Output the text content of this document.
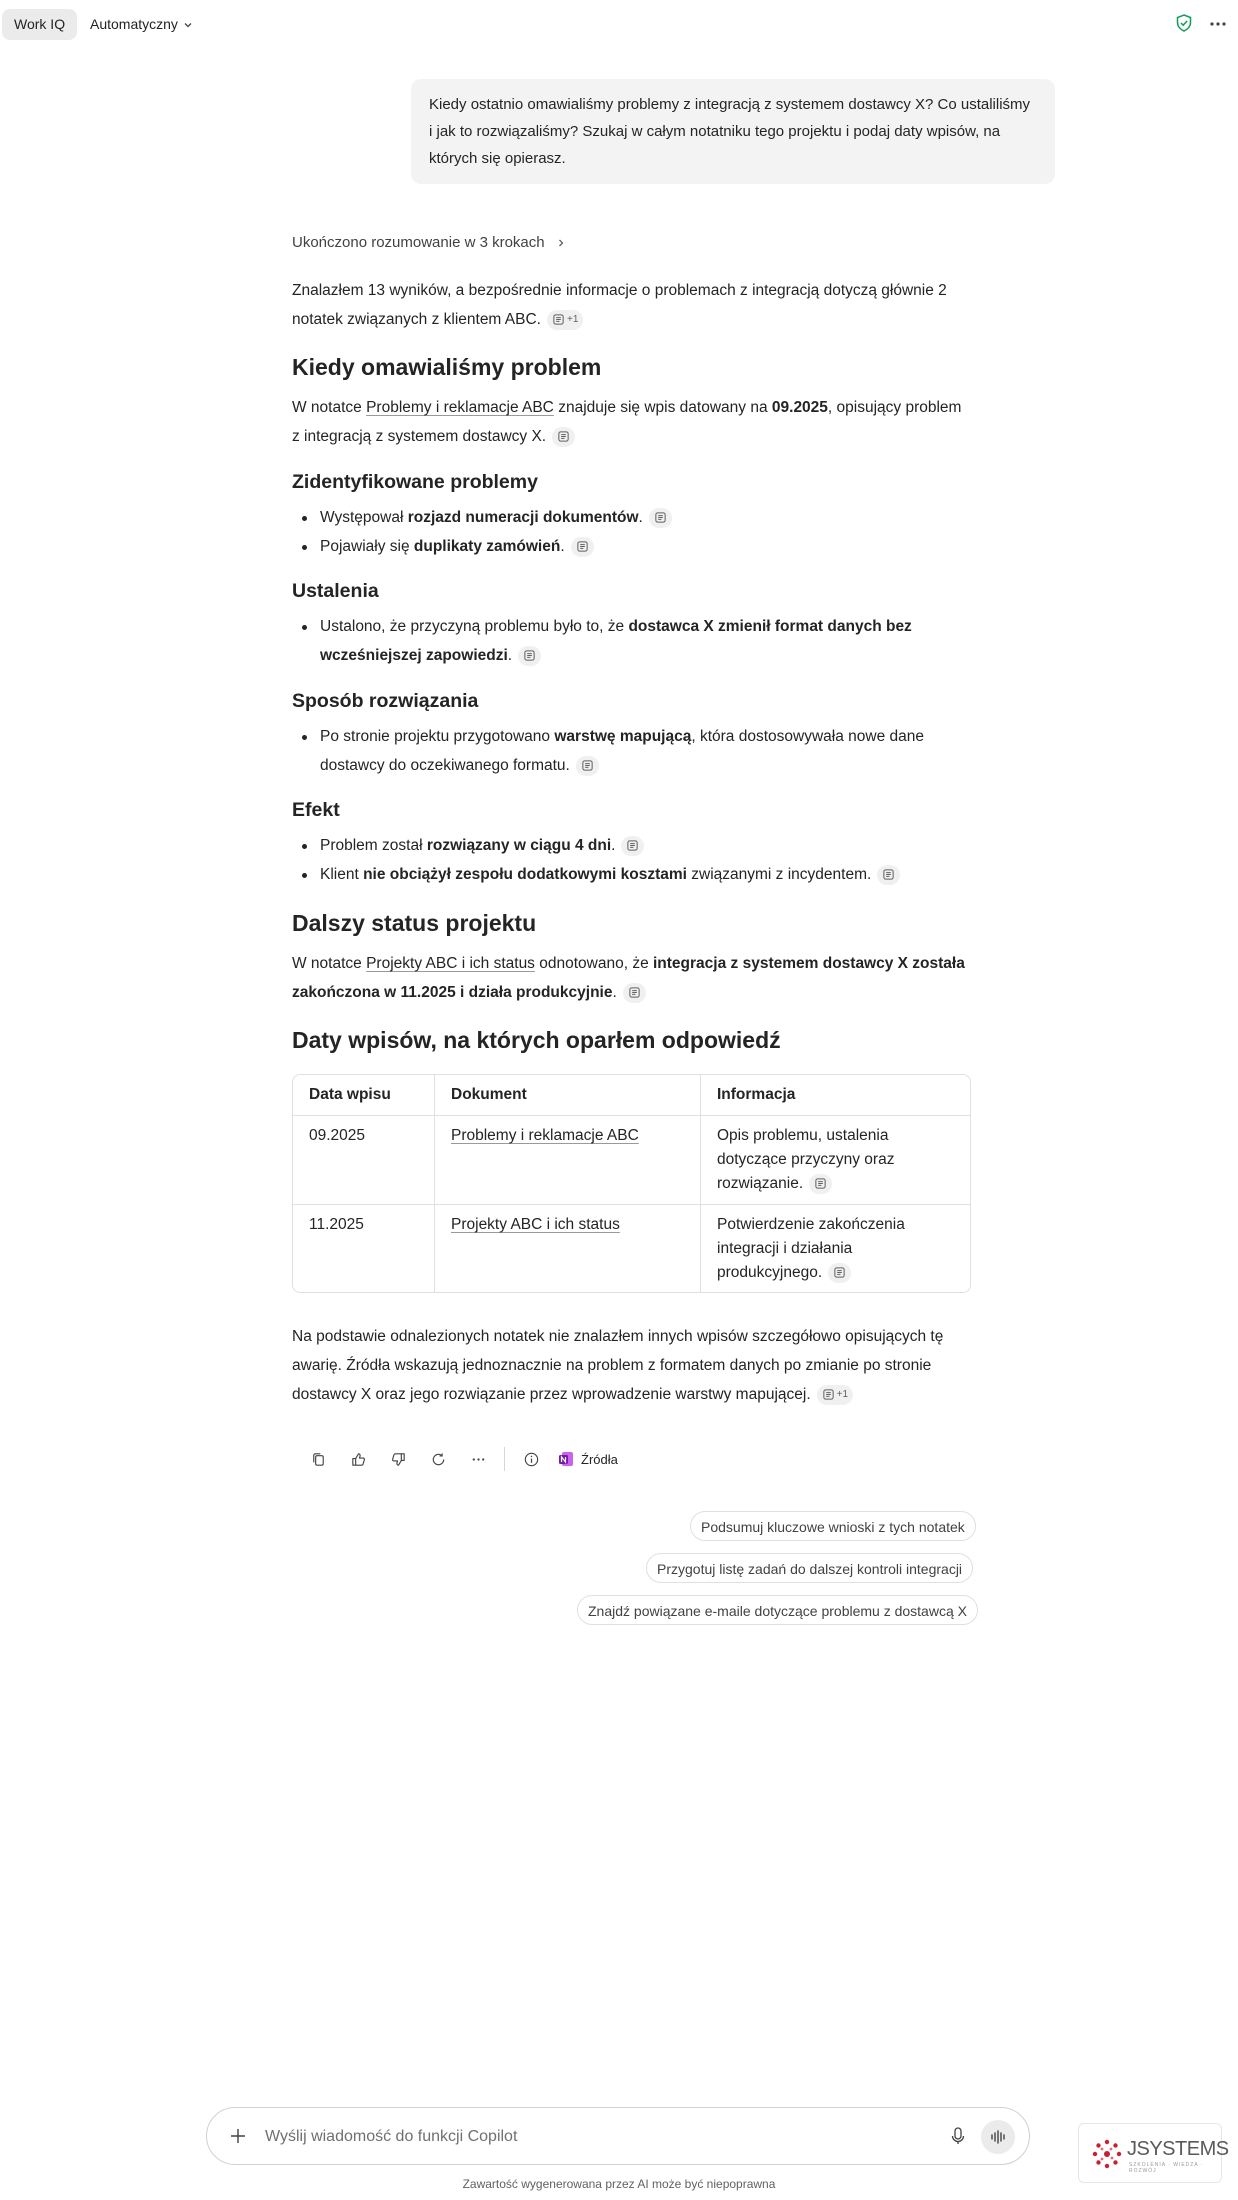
Work IQ	Automatyczny
Kiedy ostatnio omawialiśmy problemy z integracją z systemem dostawcy X? Co ustaliliśmy i jak to rozwiązaliśmy? Szukaj w całym notatniku tego projektu i podaj daty wpisów, na których się opierasz.
Ukończono rozumowanie w 3 krokach

Znalazłem 13 wyników, a bezpośrednie informacje o problemach z integracją dotyczą głównie 2 notatek związanych z klientem ABC.	+1

Kiedy omawialiśmy problem

W notatce Problemy i reklamacje ABC znajduje się wpis datowany na 09.2025, opisujący problem z integracją z systemem dostawcy X.

Zidentyfikowane problemy
Występował rozjazd numeracji dokumentów.
Pojawiały się duplikaty zamówień.
Ustalenia
Ustalono, że przyczyną problemu było to, że dostawca X zmienił format danych bez wcześniejszej zapowiedzi.
Sposób rozwiązania
Po stronie projektu przygotowano warstwę mapującą, która dostosowywała nowe dane dostawcy do oczekiwanego formatu.
Efekt
Problem został rozwiązany w ciągu 4 dni.
Klient nie obciążył zespołu dodatkowymi kosztami związanymi z incydentem.
Dalszy status projektu

W notatce Projekty ABC i ich status odnotowano, że integracja z systemem dostawcy X została zakończona w 11.2025 i działa produkcyjnie.

Daty wpisów, na których oparłem odpowiedź
Data wpisu	Dokument	Informacja
09.2025	Problemy i reklamacje ABC	Opis problemu, ustalenia dotyczące przyczyny oraz rozwiązanie.
11.2025	Projekty ABC i ich status	Potwierdzenie zakończenia integracji i działania produkcyjnego.

Na podstawie odnalezionych notatek nie znalazłem innych wpisów szczegółowo opisujących tę awarię. Źródła wskazują jednoznacznie na problem z formatem danych po zmianie po stronie dostawcy X oraz jego rozwiązanie przez wprowadzenie warstwy mapującej.	+1

Źródła
Podsumuj kluczowe wnioski z tych notatek
Przygotuj listę zadań do dalszej kontroli integracji
Znajdź powiązane e-maile dotyczące problemu z dostawcą X
Wyślij wiadomość do funkcji Copilot
Zawartość wygenerowana przez AI może być niepoprawna
JSYSTEMS
SZKOLENIA · WIEDZA · ROZWÓJ
